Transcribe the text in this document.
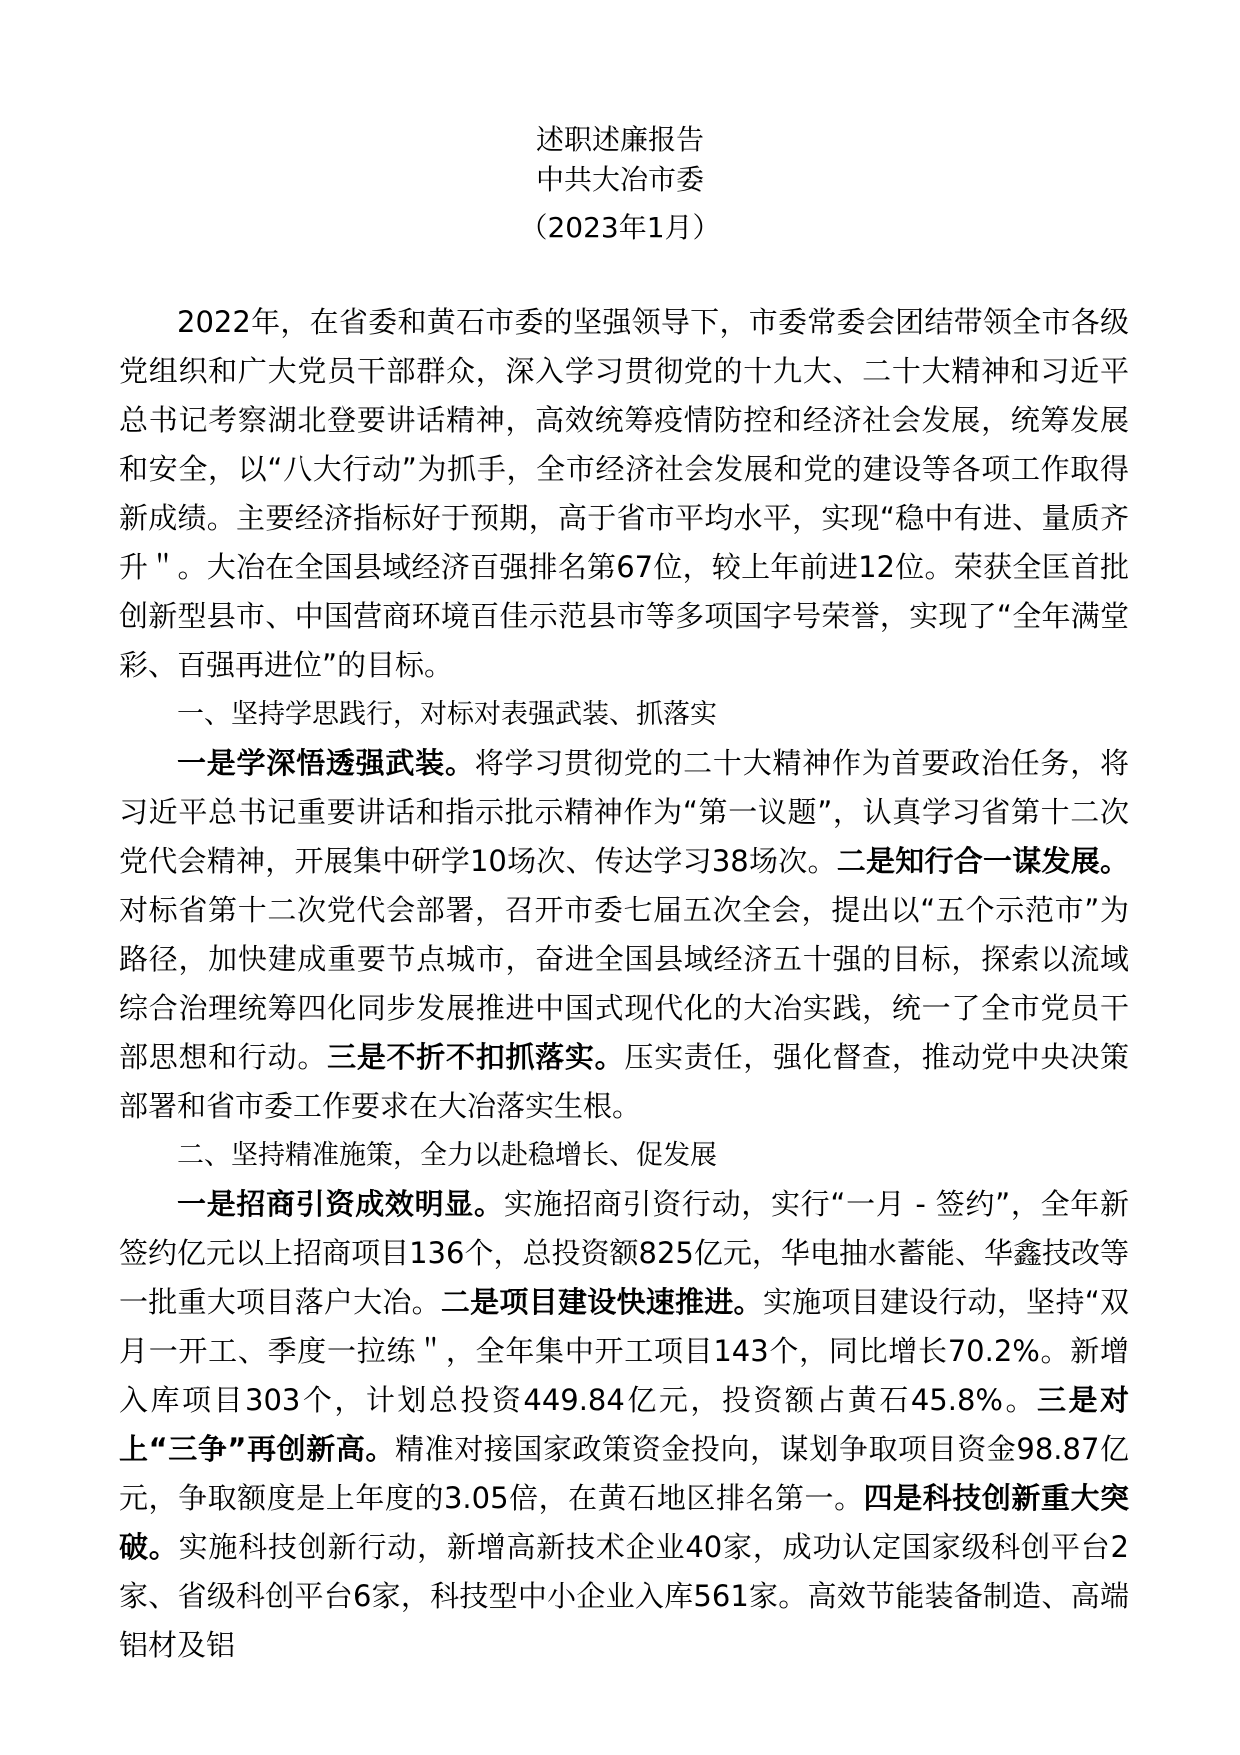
述职述廉报告
中共大冶市委
（2023年1月）

2022年，在省委和黄石市委的坚强领导下，市委常委会团结带领全市各级党组织和广大党员干部群众，深入学习贯彻党的十九大、二十大精神和习近平总书记考察湖北登要讲话精神，高效统筹疫情防控和经济社会发展，统筹发展和安全，以“八大行动”为抓手，全市经济社会发展和党的建设等各项工作取得新成绩。主要经济指标好于预期，高于省市平均水平，实现“稳中有进、量质齐升＂。大冶在全国县域经济百强排名第67位，较上年前进12位。荣获全匡首批创新型县市、中国营商环境百佳示范县市等多项国字号荣誉，实现了“全年满堂彩、百强再进位”的目标。

一、坚持学思践行，对标对表强武装、抓落实

一是学深悟透强武装。将学习贯彻党的二十大精神作为首要政治任务，将习近平总书记重要讲话和指示批示精神作为“第一议题”，认真学习省第十二次党代会精神，开展集中研学10场次、传达学习38场次。二是知行合一谋发展。对标省第十二次党代会部署，召开市委七届五次全会，提出以“五个示范市”为路径，加快建成重要节点城市，奋进全国县域经济五十强的目标，探索以流域综合治理统筹四化同步发展推进中国式现代化的大冶实践，统一了全市党员干部思想和行动。三是不折不扣抓落实。压实责任，强化督查，推动党中央决策部署和省市委工作要求在大冶落实生根。

二、坚持精准施策，全力以赴稳增长、促发展

一是招商引资成效明显。实施招商引资行动，实行“一月 - 签约”，全年新签约亿元以上招商项目136个，总投资额825亿元，华电抽水蓄能、华鑫技改等一批重大项目落户大冶。二是项目建设快速推进。实施项目建设行动，坚持“双月一开工、季度一拉练＂，全年集中开工项目143个，同比增长70.2%。新增入库项目303个，计划总投资449.84亿元，投资额占黄石45.8%。三是对上“三争”再创新高。精准对接国家政策资金投向，谋划争取项目资金98.87亿元，争取额度是上年度的3.05倍，在黄石地区排名第一。四是科技创新重大突破。实施科技创新行动，新增高新技术企业40家，成功认定国家级科创平台2家、省级科创平台6家，科技型中小企业入库561家。高效节能装备制造、高端铝材及铝
